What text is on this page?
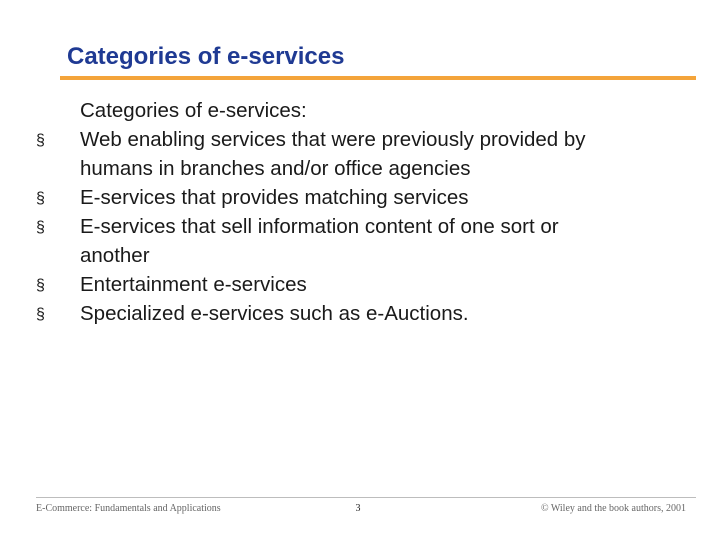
Categories of e-services
Categories of e-services:
§	Web enabling services that were previously provided by
humans in branches and/or office agencies
§	E-services that provides matching services
§	E-services that sell information content of one sort or
another
§	Entertainment e-services
§	Specialized e-services such as e-Auctions.
E-Commerce: Fundamentals and Applications	3	© Wiley and the book authors, 2001
